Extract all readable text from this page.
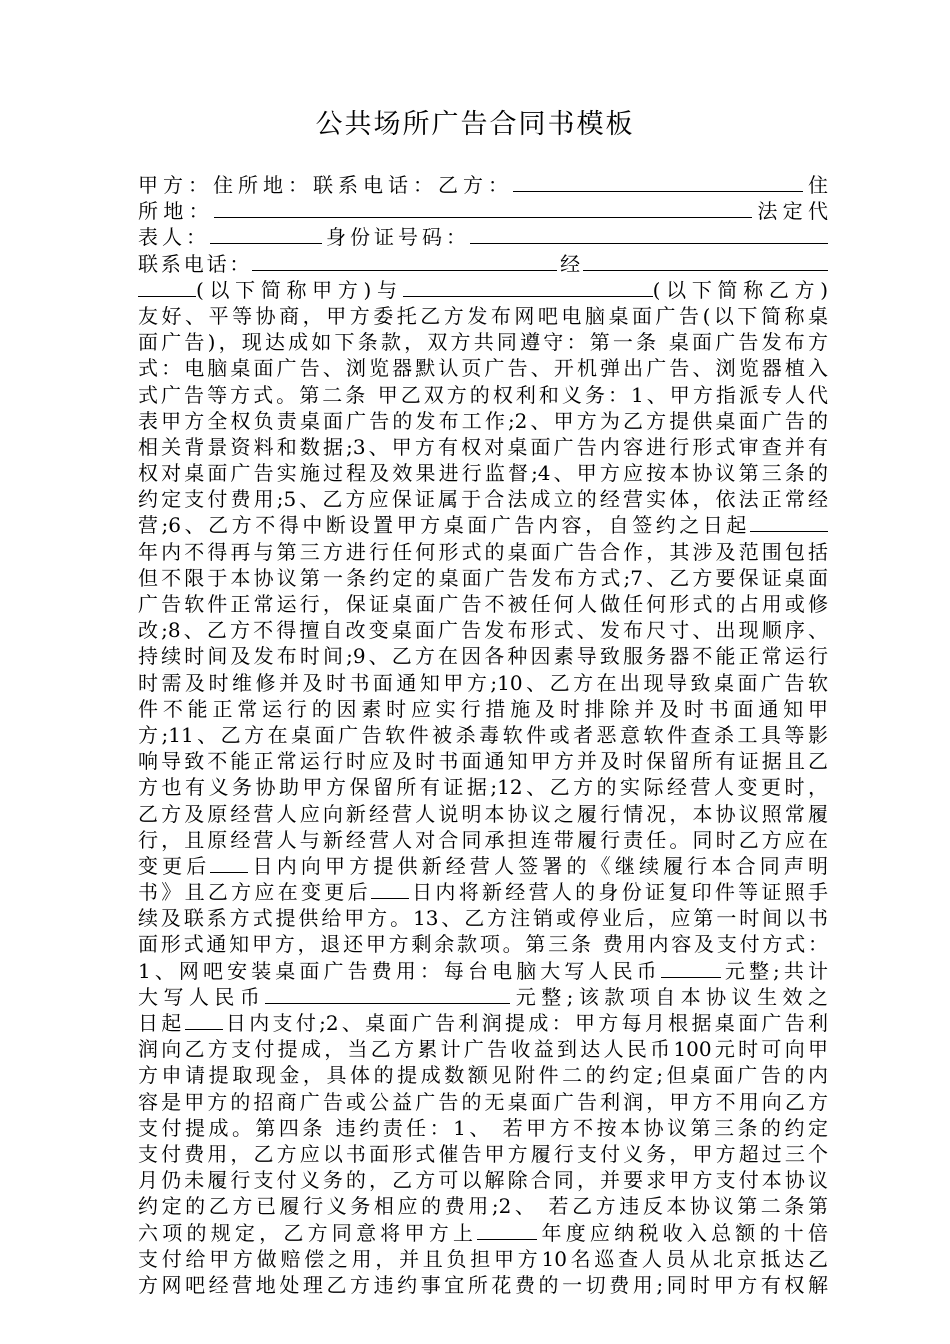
公共场所广告合同书模板
甲方：住所地：联系电话：乙方：	住
所地：	法定代
表人：	身份证号码：
联系电话：	经
(以下简称甲方)与	(以下简称乙方)
友好、平等协商，甲方委托乙方发布网吧电脑桌面广告(以下简称桌
面广告)，现达成如下条款，双方共同遵守：第一条 桌面广告发布方
式：电脑桌面广告、浏览器默认页广告、开机弹出广告、浏览器植入
式广告等方式。第二条 甲乙双方的权利和义务：1、甲方指派专人代
表甲方全权负责桌面广告的发布工作;2、甲方为乙方提供桌面广告的
相关背景资料和数据;3、甲方有权对桌面广告内容进行形式审查并有
权对桌面广告实施过程及效果进行监督;4、甲方应按本协议第三条的
约定支付费用;5、乙方应保证属于合法成立的经营实体，依法正常经
营;6、乙方不得中断设置甲方桌面广告内容，自签约之日起
年内不得再与第三方进行任何形式的桌面广告合作，其涉及范围包括
但不限于本协议第一条约定的桌面广告发布方式;7、乙方要保证桌面
广告软件正常运行，保证桌面广告不被任何人做任何形式的占用或修
改;8、乙方不得擅自改变桌面广告发布形式、发布尺寸、出现顺序、
持续时间及发布时间;9、乙方在因各种因素导致服务器不能正常运行
时需及时维修并及时书面通知甲方;10、乙方在出现导致桌面广告软
件不能正常运行的因素时应实行措施及时排除并及时书面通知甲
方;11、乙方在桌面广告软件被杀毒软件或者恶意软件查杀工具等影
响导致不能正常运行时应及时书面通知甲方并及时保留所有证据且乙
方也有义务协助甲方保留所有证据;12、乙方的实际经营人变更时，
乙方及原经营人应向新经营人说明本协议之履行情况，本协议照常履
行，且原经营人与新经营人对合同承担连带履行责任。同时乙方应在
变更后 日内向甲方提供新经营人签署的《继续履行本合同声明
书》且乙方应在变更后 日内将新经营人的身份证复印件等证照手
续及联系方式提供给甲方。13、乙方注销或停业后，应第一时间以书
面形式通知甲方，退还甲方剩余款项。第三条 费用内容及支付方式：
1、网吧安装桌面广告费用：每台电脑大写人民币	元整;共计
大写人民币	元整;该款项自本协议生效之
日起 日内支付;2、桌面广告利润提成：甲方每月根据桌面广告利
润向乙方支付提成，当乙方累计广告收益到达人民币100元时可向甲
方申请提取现金，具体的提成数额见附件二的约定;但桌面广告的内
容是甲方的招商广告或公益广告的无桌面广告利润，甲方不用向乙方
支付提成。第四条 违约责任：1、 若甲方不按本协议第三条的约定
支付费用，乙方应以书面形式催告甲方履行支付义务，甲方超过三个
月仍未履行支付义务的，乙方可以解除合同，并要求甲方支付本协议
约定的乙方已履行义务相应的费用;2、 若乙方违反本协议第二条第
六项的规定，乙方同意将甲方上	年度应纳税收入总额的十倍
支付给甲方做赔偿之用，并且负担甲方10名巡查人员从北京抵达乙
方网吧经营地处理乙方违约事宜所花费的一切费用;同时甲方有权解
